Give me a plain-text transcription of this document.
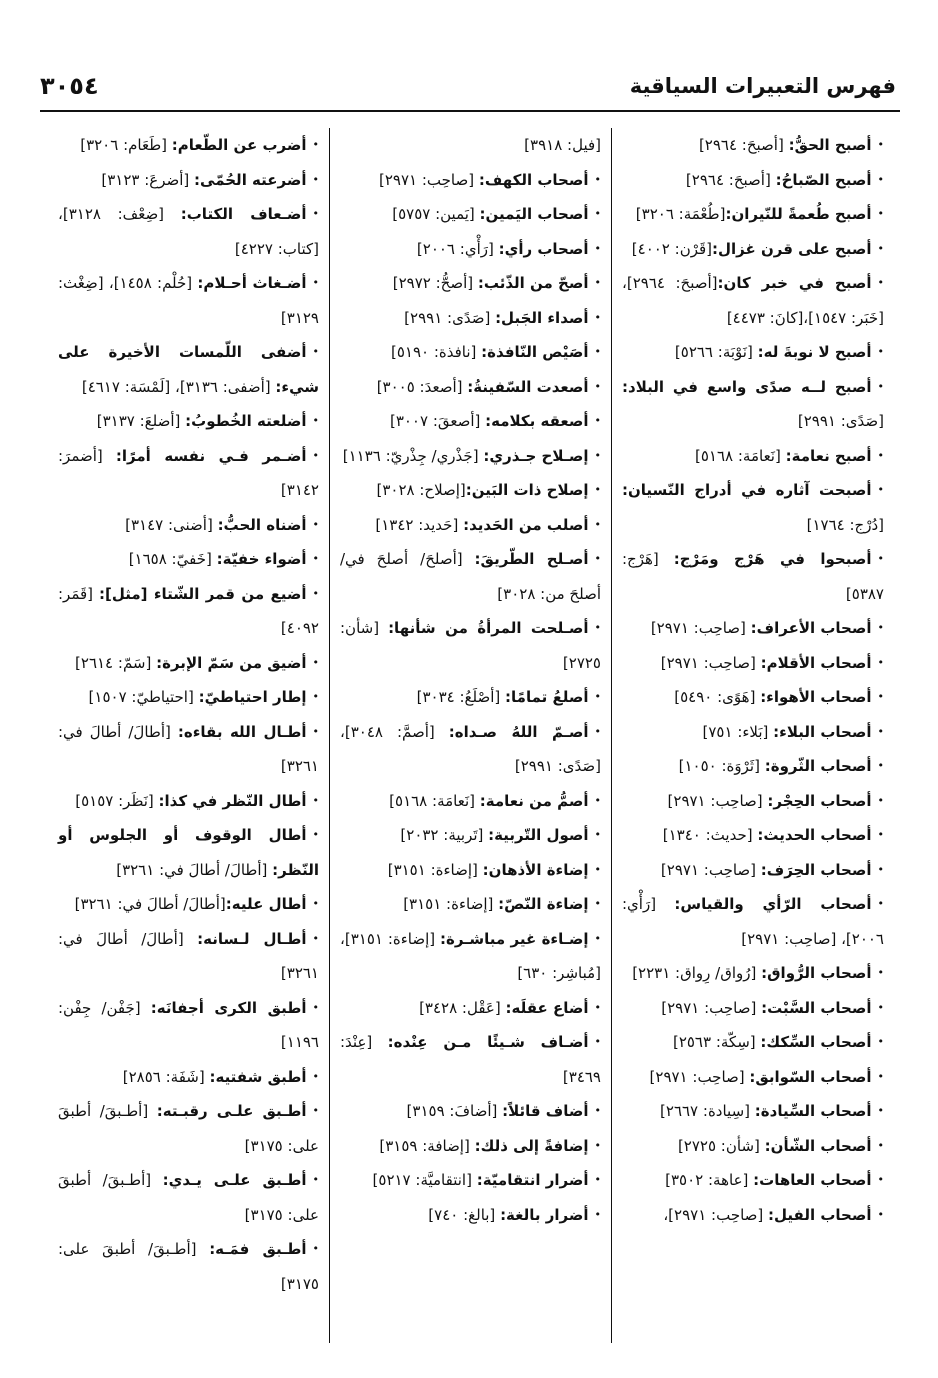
فهرس التعبيرات السياقية
٣٠٥٤

•أصبح الحقُّ: [أصبحَ: ٢٩٦٤]

•أصبح الصّباحُ: [أصبحَ: ٢٩٦٤]

•أصبح طُعمةً للنّيران:[طُعْمَة: ٣٢٠٦]

•أصبح على قرن غزال:[قَرْن: ٤٠٠٢]

•أصبح في خبر كان:[أصبحَ: ٢٩٦٤]، [خَبَر: ١٥٤٧]،[كانَ: ٤٤٧٣]

•أصبح لا نوبةَ له: [نَوْبَة: ٥٢٦٦]

•أصبح لــه صدًى واسع في البلاد: [صَدًى: ٢٩٩١]

•أصبح نعامة: [نَعامَة: ٥١٦٨]

•أصبحت آثاره في أدراج النّسيان: [دُرْج: ١٧٦٤]

•أصبحوا في هَرْج ومَرْج: [هَرْج: ٥٣٨٧]

•أصحاب الأعراف: [صاحِب: ٢٩٧١]

•أصحاب الأقلام: [صاحِب: ٢٩٧١]

•أصحاب الأهواء: [هَوًى: ٥٤٩٠]

•أصحاب البلاء: [بَلاء: ٧٥١]

•أصحاب الثّروة: [ثَرْوَة: ١٠٥٠]

•أصحاب الحِجْر: [صاحِب: ٢٩٧١]

•أصحاب الحديث: [حديث: ١٣٤٠]

•أصحاب الحِرَف: [صاحِب: ٢٩٧١]

•أصحاب الرّأي والقياس: [رَأْي: ٢٠٠٦]، [صاحِب: ٢٩٧١]

•أصحاب الرُّواق: [رُواق/ رِواق: ٢٢٣١]

•أصحاب السَّبْت: [صاحِب: ٢٩٧١]

•أصحاب السِّكك: [سِكّة: ٢٥٦٣]

•أصحاب السّوابق: [صاحِب: ٢٩٧١]

•أصحاب السِّيادة: [سِيادة: ٢٦٦٧]

•أصحاب الشّأن: [شأن: ٢٧٢٥]

•أصحاب العاهات: [عاهة: ٣٥٠٢]

•أصحاب الفيل: [صاحِب: ٢٩٧١]،

[فيل: ٣٩١٨]

•أصحاب الكهف: [صاحِب: ٢٩٧١]

•أصحاب اليَمين: [يَمين: ٥٧٥٧]

•أصحاب رأي: [رَأْي: ٢٠٠٦]

•أصحّ من الذّئب: [أصحُّ: ٢٩٧٢]

•أصداء الجَبل: [صَدًى: ٢٩٩١]

•أصَيْص النّافذة: [نافذة: ٥١٩٠]

•أصعدت السّفينةُ: [أصعدَ: ٣٠٠٥]

•أصعقه بكلامه: [أصعقَ: ٣٠٠٧]

•إصـلاح جـذري: [جَذْري/ جِذْريّ: ١١٣٦]

•إصلاح ذات البَين:[إصلاح: ٣٠٢٨]

•أصلب من الحَديد: [حَديد: ١٣٤٢]

•أصـلح الطّريقَ: [أصلحَ/ أصلحَ في/ أصلحَ من: ٣٠٢٨]

•أصـلحت المرأةُ من شأنها: [شأن: ٢٧٢٥]

•أصلعُ تمامًا: [أصْلَعُ: ٣٠٣٤]

•أصـمّ اللهُ صـداه: [أصمَّ: ٣٠٤٨]، [صَدًى: ٢٩٩١]

•أصمُّ من نعامة: [نَعامَة: ٥١٦٨]

•أصول التّربية: [تَربية: ٢٠٣٢]

•إضاءة الأذهان: [إضاءة: ٣١٥١]

•إضاءة النّصّ: [إضاءة: ٣١٥١]

•إضـاءة غير مباشـرة: [إضاءة: ٣١٥١]، [مُباشِر: ٦٣٠]

•أضاع عقلَه: [عَقْل: ٣٤٢٨]

•أضـاف شـيئًا مـن عِنْده: [عِنْدَ: ٣٤٦٩]

•أضاف قائلاً: [أضافَ: ٣١٥٩]

•إضافةً إلى ذلك: [إضافة: ٣١٥٩]

•أضرار انتقاميّة: [انتقاميَّة: ٥٢١٧]

•أضرار بالغة: [بالغ: ٧٤٠]

•أضرب عن الطّعام: [طَعَام: ٣٢٠٦]

•أضرعته الحُمّى: [أضرعَ: ٣١٢٣]

•أضـعاف الكتاب: [ضِعْف: ٣١٢٨]، [كتاب: ٤٢٢٧]

•أضـغاث أحـلام: [حُلْم: ١٤٥٨]، [ضِغْث: ٣١٢٩]

•أضفى اللّمسات الأخيرة على شيء: [أضفى: ٣١٣٦]، [لَمْسَة: ٤٦١٧]

•أضلعته الخُطوبُ: [أضلعَ: ٣١٣٧]

•أضـمر فـي نفسه أمرًا: [أضمرَ: ٣١٤٢]

•أضناه الحبُّ: [أضنى: ٣١٤٧]

•أضواء خفيّة: [خَفيّ: ١٦٥٨]

•أضيع من قمر الشّتاء [مثل]: [قَمَر: ٤٠٩٢]

•أضيق من سَمّ الإبرة: [سَمّ: ٢٦١٤]

•إطار احتياطيّ: [احتياطيّ: ١٥٠٧]

•أطـال الله بقاءه: [أطالَ/ أطالَ في: ٣٢٦١]

•أطال النّظر في كذا: [نَظَر: ٥١٥٧]

•أطال الوقوف أو الجلوس أو النّظر: [أطالَ/ أطالَ في: ٣٢٦١]

•أطال عليه:[أطالَ/ أطالَ في: ٣٢٦١]

•أطـال لـسانه: [أطالَ/ أطالَ في: ٣٢٦١]

•أطبق الكرى أجفانَه: [جَفْن/ جِفْن: ١١٩٦]

•أطبق شفتيه: [شَفَة: ٢٨٥٦]

•أطـبق علـى رقبـته: [أطـبقَ/ أطبقَ على: ٣١٧٥]

•أطـبق علـى يـدي: [أطـبقَ/ أطبقَ على: ٣١٧٥]

•أطـبق فمَـه: [أطـبقَ/ أطبقَ على: ٣١٧٥]
